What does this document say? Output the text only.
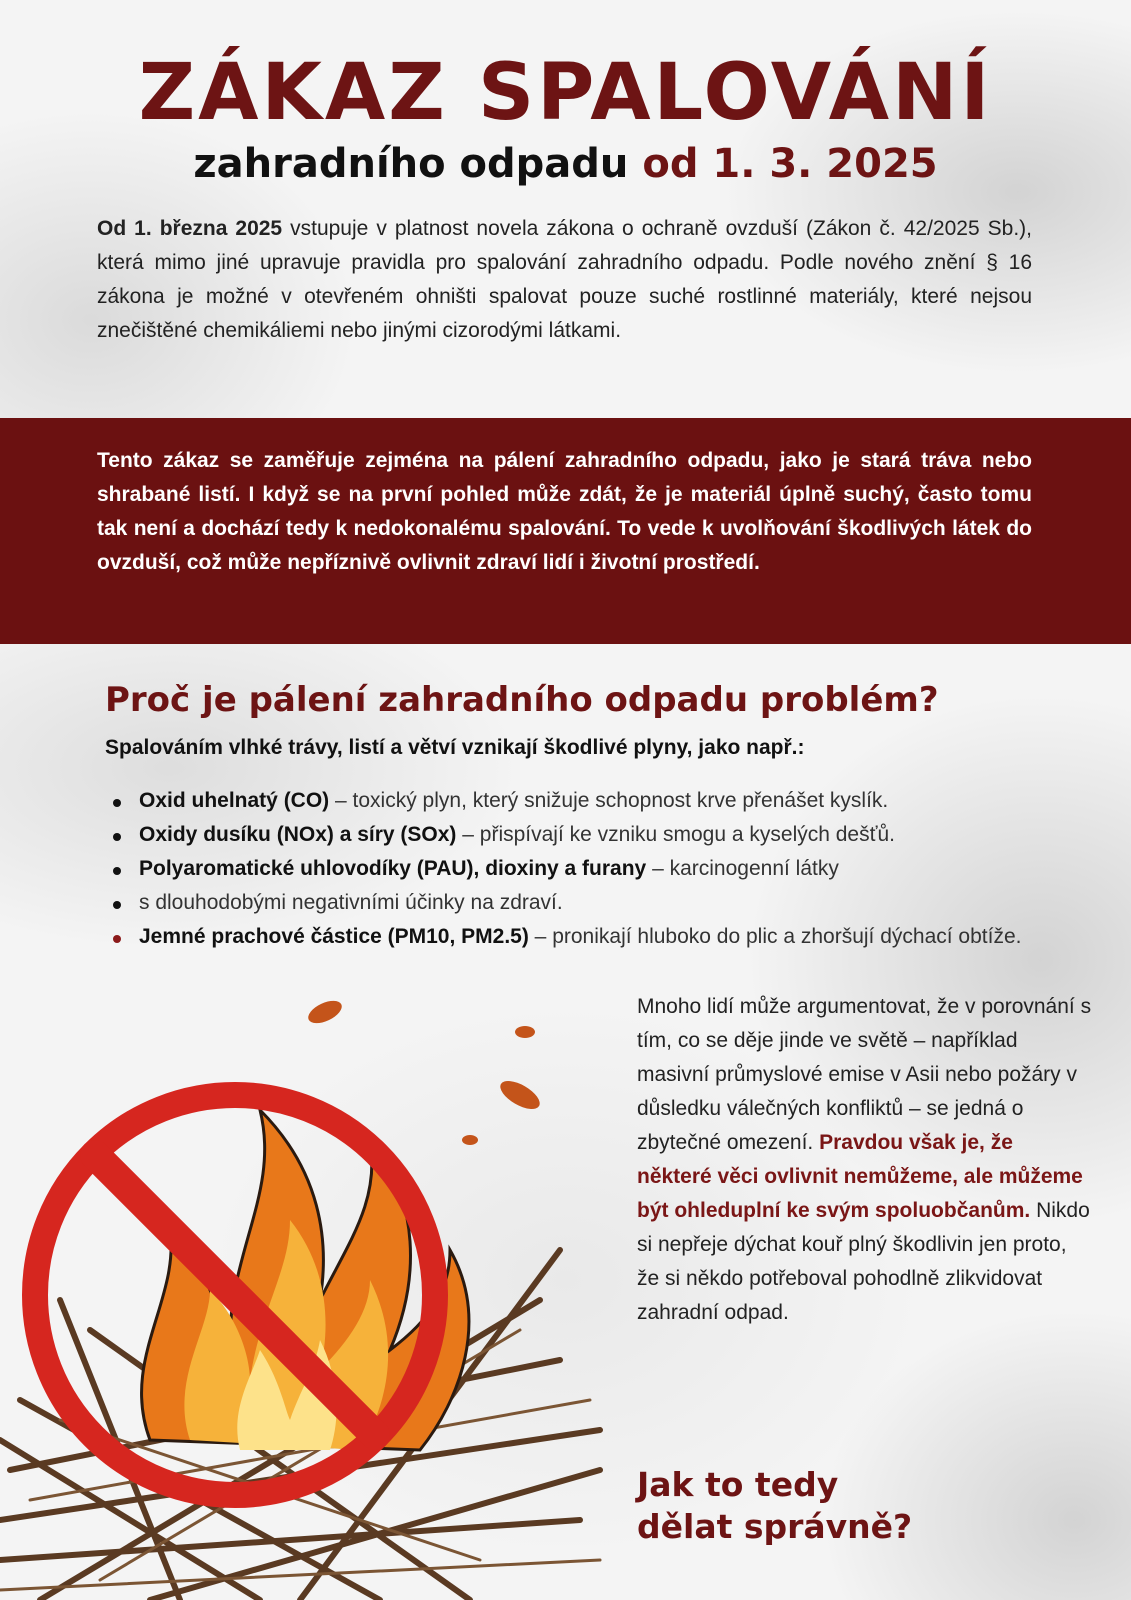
ZÁKAZ SPALOVÁNÍ
zahradního odpadu od 1. 3. 2025

Od 1. března 2025 vstupuje v platnost novela zákona o ochraně ovzduší (Zákon č. 42/2025 Sb.), která mimo jiné upravuje pravidla pro spalování zahradního odpadu. Podle nového znění § 16 zákona je možné v otevřeném ohništi spalovat pouze suché rostlinné materiály, které nejsou znečištěné chemikáliemi nebo jinými cizorodými látkami.

Tento zákaz se zaměřuje zejména na pálení zahradního odpadu, jako je stará tráva nebo shrabané listí. I když se na první pohled může zdát, že je materiál úplně suchý, často tomu tak není a dochází tedy k nedokonalému spalování. To vede k uvolňování škodlivých látek do ovzduší, což může nepříznivě ovlivnit zdraví lidí i životní prostředí.

Proč je pálení zahradního odpadu problém?
Spalováním vlhké trávy, listí a větví vznikají škodlivé plyny, jako např.:
Oxid uhelnatý (CO) – toxický plyn, který snižuje schopnost krve přenášet kyslík.
Oxidy dusíku (NOx) a síry (SOx) – přispívají ke vzniku smogu a kyselých dešťů.
Polyaromatické uhlovodíky (PAU), dioxiny a furany – karcinogenní látky
s dlouhodobými negativními účinky na zdraví.
Jemné prachové částice (PM10, PM2.5) – pronikají hluboko do plic a zhoršují dýchací obtíže.

Mnoho lidí může argumentovat, že v porovnání s tím, co se děje jinde ve světě – například masivní průmyslové emise v Asii nebo požáry v důsledku válečných konfliktů – se jedná o zbytečné omezení. Pravdou však je, že některé věci ovlivnit nemůžeme, ale můžeme být ohleduplní ke svým spoluobčanům. Nikdo si nepřeje dýchat kouř plný škodlivin jen proto, že si někdo potřeboval pohodlně zlikvidovat zahradní odpad.

Jak to tedy
dělat správně?
